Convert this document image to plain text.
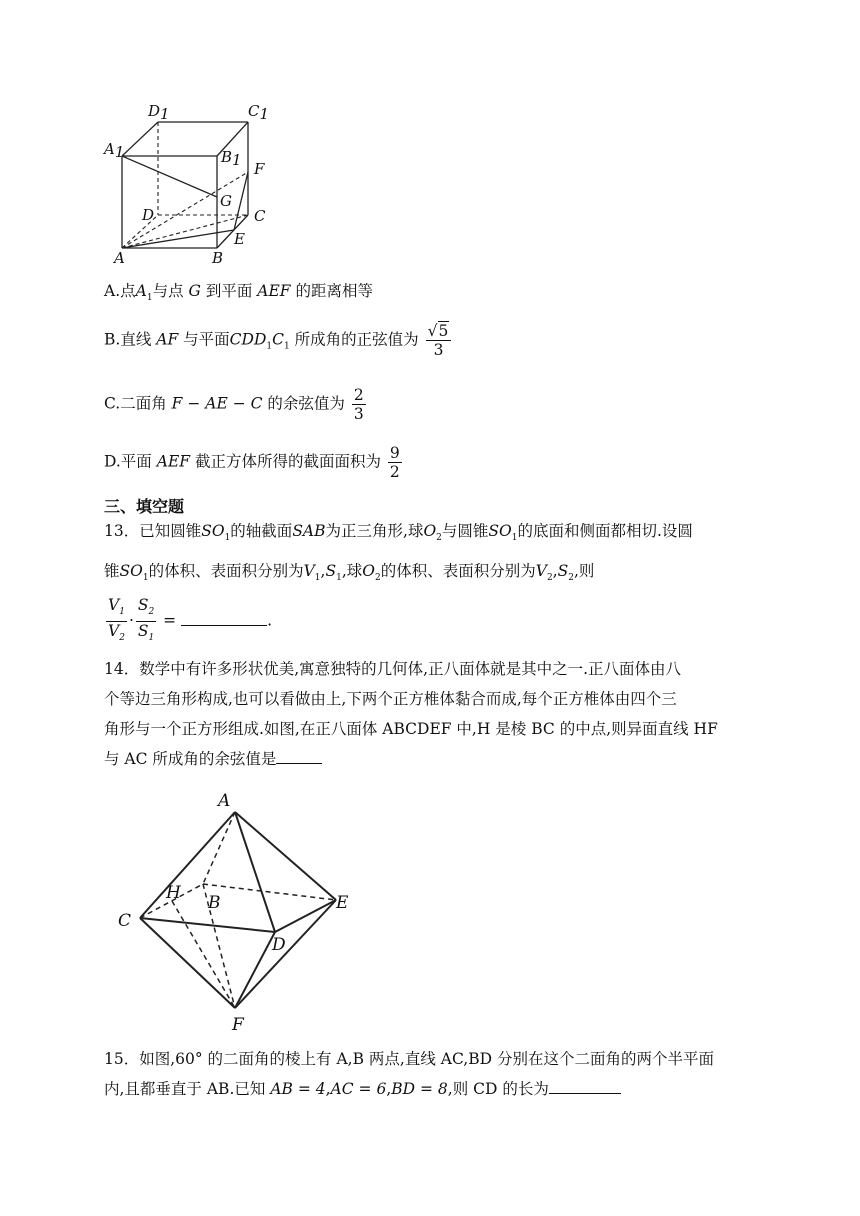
D1	C1
A1	B1 F
G
D	C
E
A	B
A.点$A_1$与点 G 到平面 AEF 的距离相等
B.直线 AF 与平面$CDD_1C_1$ 所成角的正弦值为 $\frac{√5}{3}$
C.二面角 F − AE − C 的余弦值为 $\frac{2}{3}$
D.平面 AEF 截正方体所得的截面面积为 $\frac{9}{2}$
三、填空题
13．已知圆锥$SO_1$的轴截面SAB为正三角形,球$O_2$与圆锥$SO_1$的底面和侧面都相切.设圆
锥$SO_1$的体积、表面积分别为$V_1,S_1$,球$O_2$的体积、表面积分别为$V_2,S_2$,则
$\frac{V_1}{V_2} \cdot \frac{S_2}{S_1}$ =	.
14．数学中有许多形状优美,寓意独特的几何体,正八面体就是其中之一.正八面体由八
个等边三角形构成,也可以看做由上,下两个正方椎体黏合而成,每个正方椎体由四个三
角形与一个正方形组成.如图,在正八面体 ABCDEF 中,H 是棱 BC 的中点,则异面直线 HF
与 AC 所成角的余弦值是
A
H B
C
E
D
F
15．如图,60° 的二面角的棱上有 A,B 两点,直线 AC,BD 分别在这个二面角的两个半平面
内,且都垂直于 AB.已知 AB = 4,AC = 6,BD = 8,则 CD 的长为
